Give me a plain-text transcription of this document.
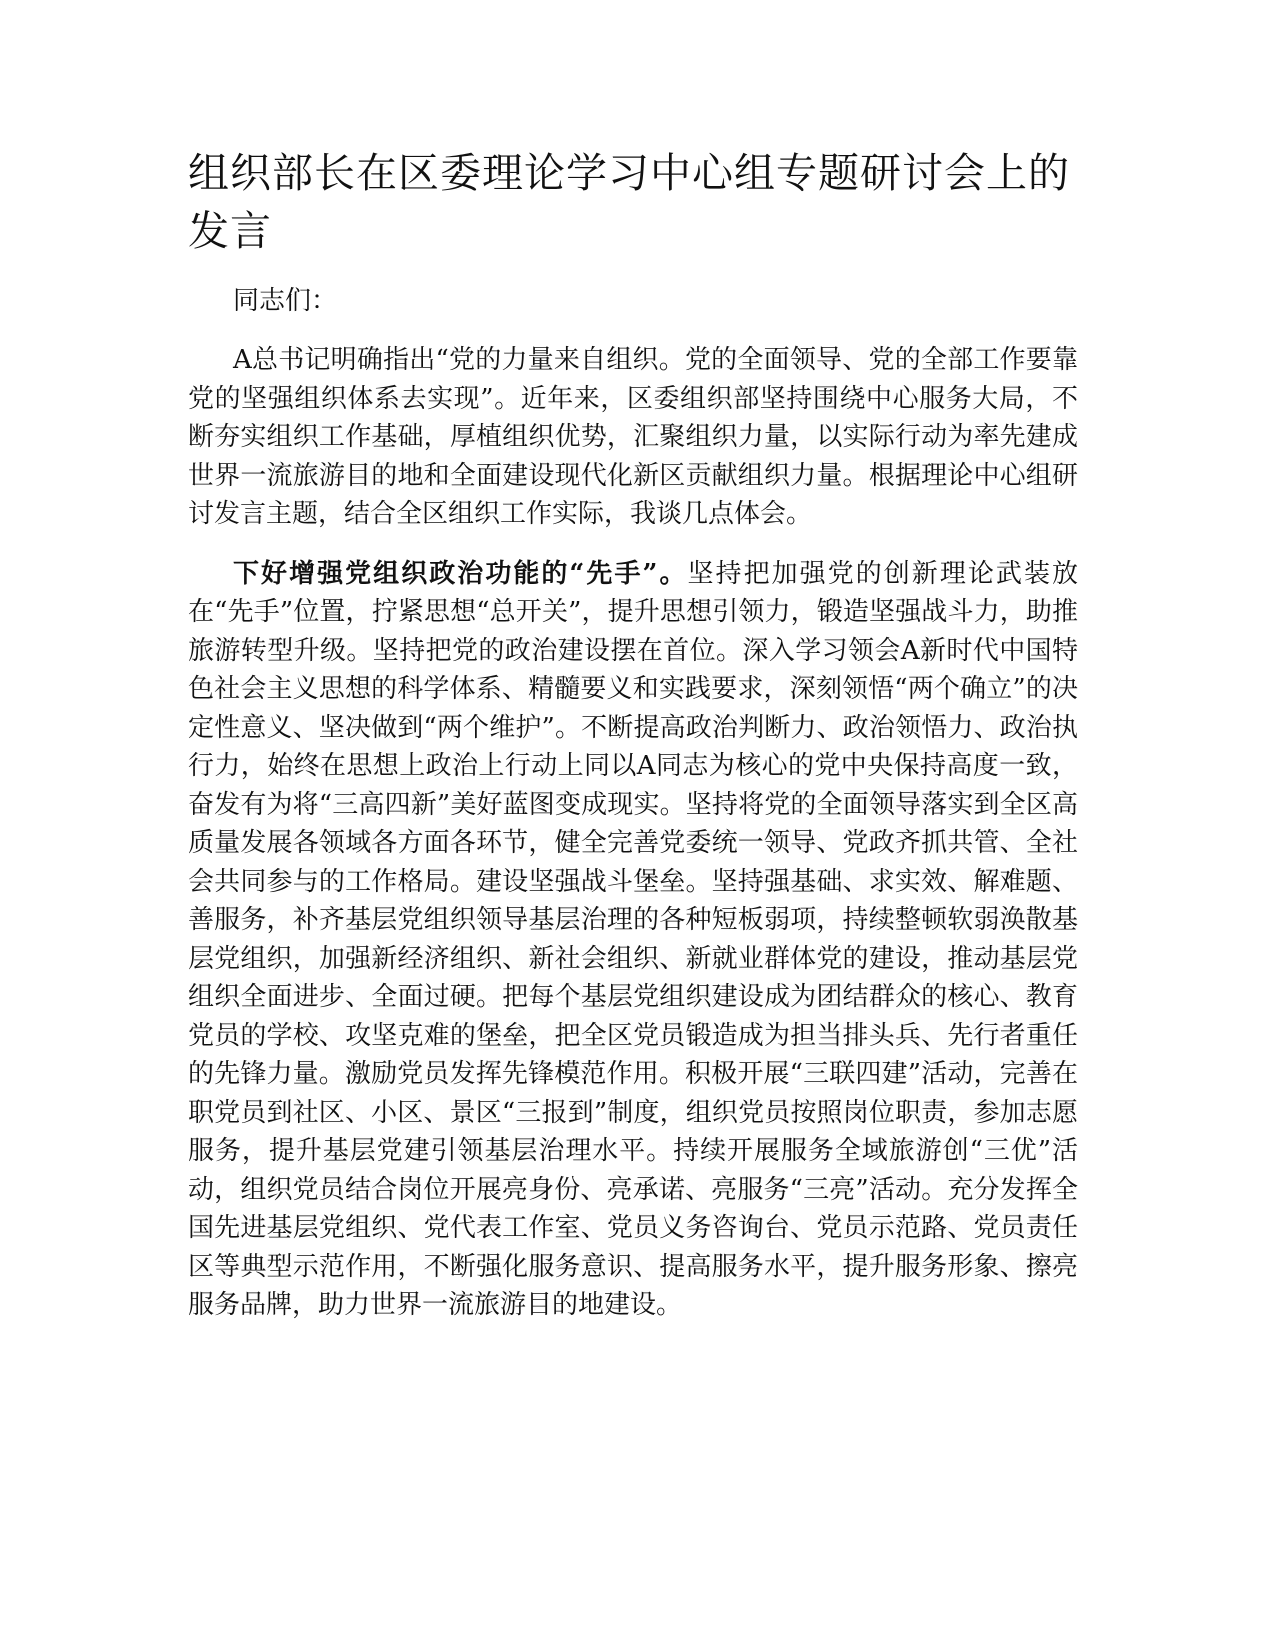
组织部长在区委理论学习中心组专题研讨会上的发言

同志们：

A总书记明确指出“党的力量来自组织。党的全面领导、党的全部工作要靠党的坚强组织体系去实现”。近年来，区委组织部坚持围绕中心服务大局，不断夯实组织工作基础，厚植组织优势，汇聚组织力量，以实际行动为率先建成世界一流旅游目的地和全面建设现代化新区贡献组织力量。根据理论中心组研讨发言主题，结合全区组织工作实际，我谈几点体会。

下好增强党组织政治功能的“先手”。坚持把加强党的创新理论武装放在“先手”位置，拧紧思想“总开关”，提升思想引领力，锻造坚强战斗力，助推旅游转型升级。坚持把党的政治建设摆在首位。深入学习领会A新时代中国特色社会主义思想的科学体系、精髓要义和实践要求，深刻领悟“两个确立”的决定性意义、坚决做到“两个维护”。不断提高政治判断力、政治领悟力、政治执行力，始终在思想上政治上行动上同以A同志为核心的党中央保持高度一致，奋发有为将“三高四新”美好蓝图变成现实。坚持将党的全面领导落实到全区高质量发展各领域各方面各环节，健全完善党委统一领导、党政齐抓共管、全社会共同参与的工作格局。建设坚强战斗堡垒。坚持强基础、求实效、解难题、善服务，补齐基层党组织领导基层治理的各种短板弱项，持续整顿软弱涣散基层党组织，加强新经济组织、新社会组织、新就业群体党的建设，推动基层党组织全面进步、全面过硬。把每个基层党组织建设成为团结群众的核心、教育党员的学校、攻坚克难的堡垒，把全区党员锻造成为担当排头兵、先行者重任的先锋力量。激励党员发挥先锋模范作用。积极开展“三联四建”活动，完善在职党员到社区、小区、景区“三报到”制度，组织党员按照岗位职责，参加志愿服务，提升基层党建引领基层治理水平。持续开展服务全域旅游创“三优”活动，组织党员结合岗位开展亮身份、亮承诺、亮服务“三亮”活动。充分发挥全国先进基层党组织、党代表工作室、党员义务咨询台、党员示范路、党员责任区等典型示范作用，不断强化服务意识、提高服务水平，提升服务形象、擦亮服务品牌，助力世界一流旅游目的地建设。
